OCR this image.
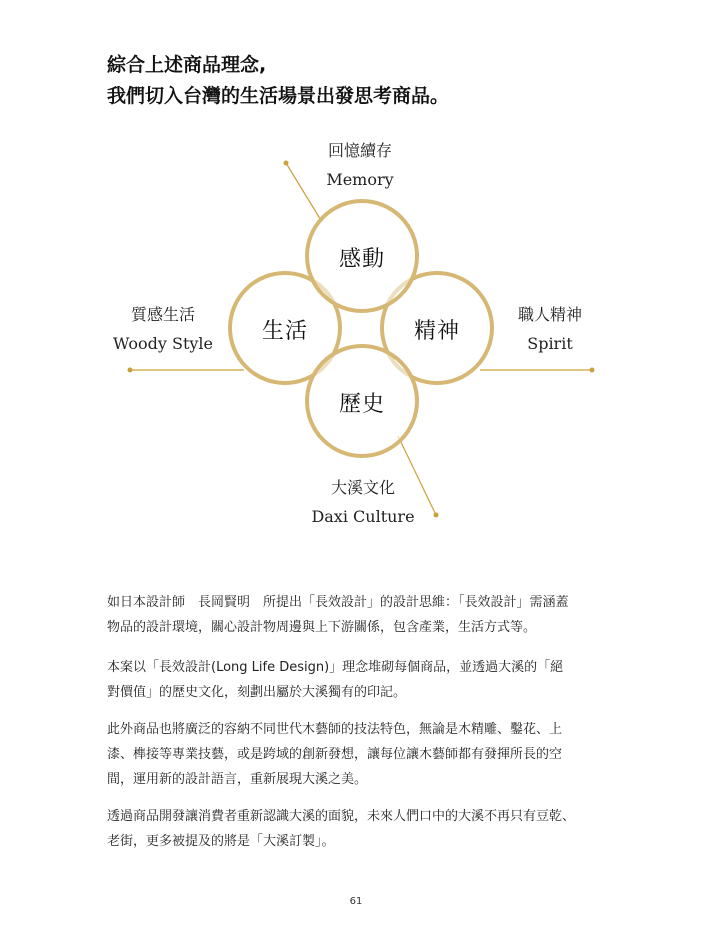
綜合上述商品理念,
我們切入台灣的生活場景出發思考商品。
感動
生活	精神
歷史
回憶續存
Memory
質感生活
Woody Style
職人精神
Spirit
大溪文化
Daxi Culture
如日本設計師　長岡賢明　所提出「長效設計」的設計思維：「長效設計」需涵蓋
物品的設計環境，關心設計物周邊與上下游關係，包含產業，生活方式等。
本案以「長效設計(Long Life Design)」理念堆砌每個商品，並透過大溪的「絕
對價值」的歷史文化，刻劃出屬於大溪獨有的印記。
此外商品也將廣泛的容納不同世代木藝師的技法特色，無論是木精雕、鑿花、上
漆、榫接等專業技藝，或是跨域的創新發想，讓每位讓木藝師都有發揮所長的空
間，運用新的設計語言，重新展現大溪之美。
透過商品開發讓消費者重新認識大溪的面貌，未來人們口中的大溪不再只有豆乾、
老街，更多被提及的將是「大溪訂製」。
61
